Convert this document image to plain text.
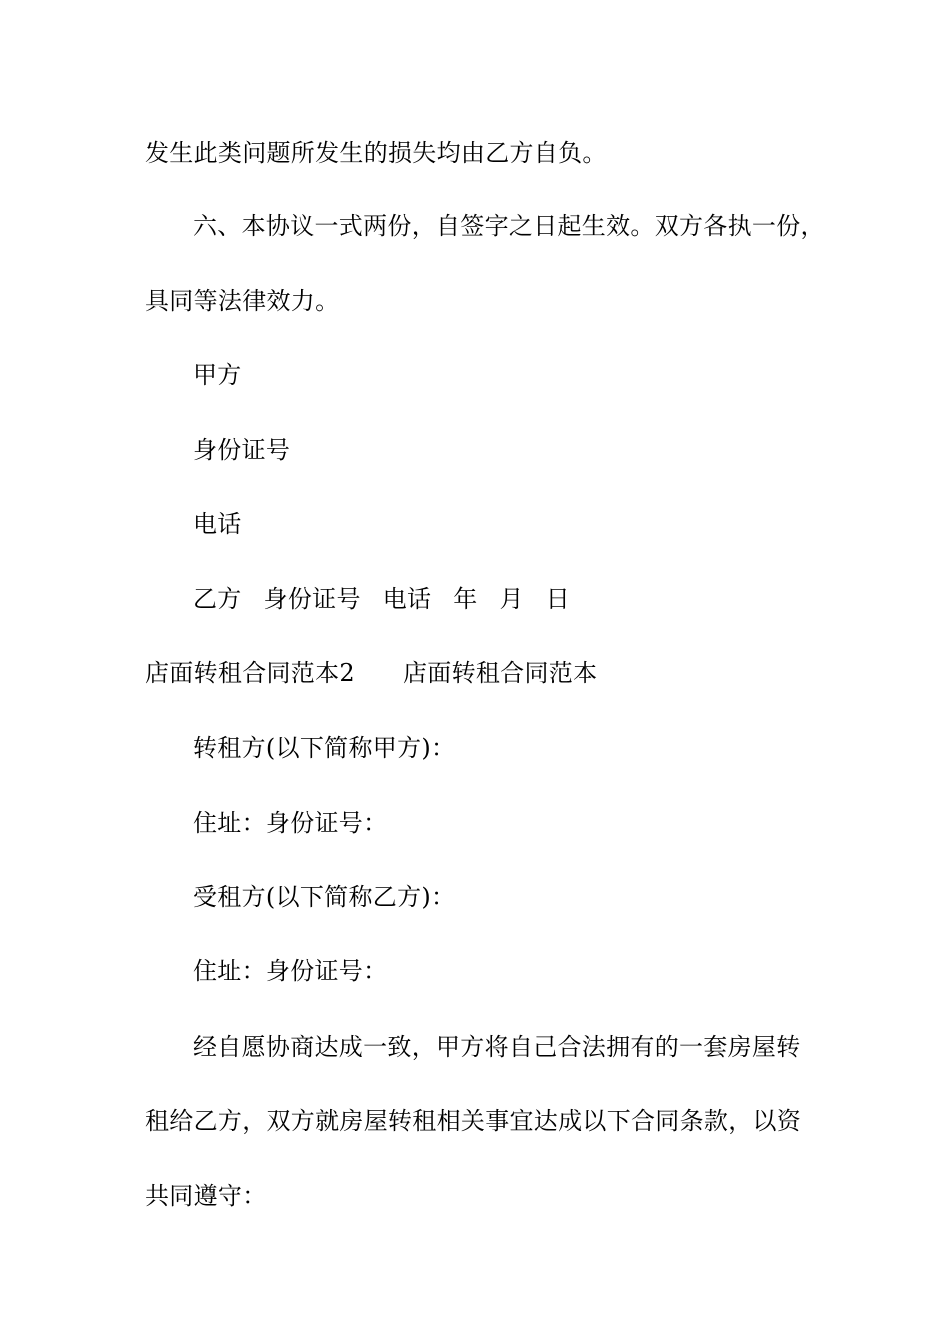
发生此类问题所发生的损失均由乙方自负。
六、本协议一式两份，自签字之日起生效。双方各执一份，
具同等法律效力。
甲方
身份证号
电话
乙方 身份证号 电话 年 月 日
店面转租合同范本2 店面转租合同范本
转租方(以下简称甲方)：
住址：身份证号：
受租方(以下简称乙方)：
住址：身份证号：
经自愿协商达成一致，甲方将自己合法拥有的一套房屋转
租给乙方，双方就房屋转租相关事宜达成以下合同条款，以资
共同遵守：
